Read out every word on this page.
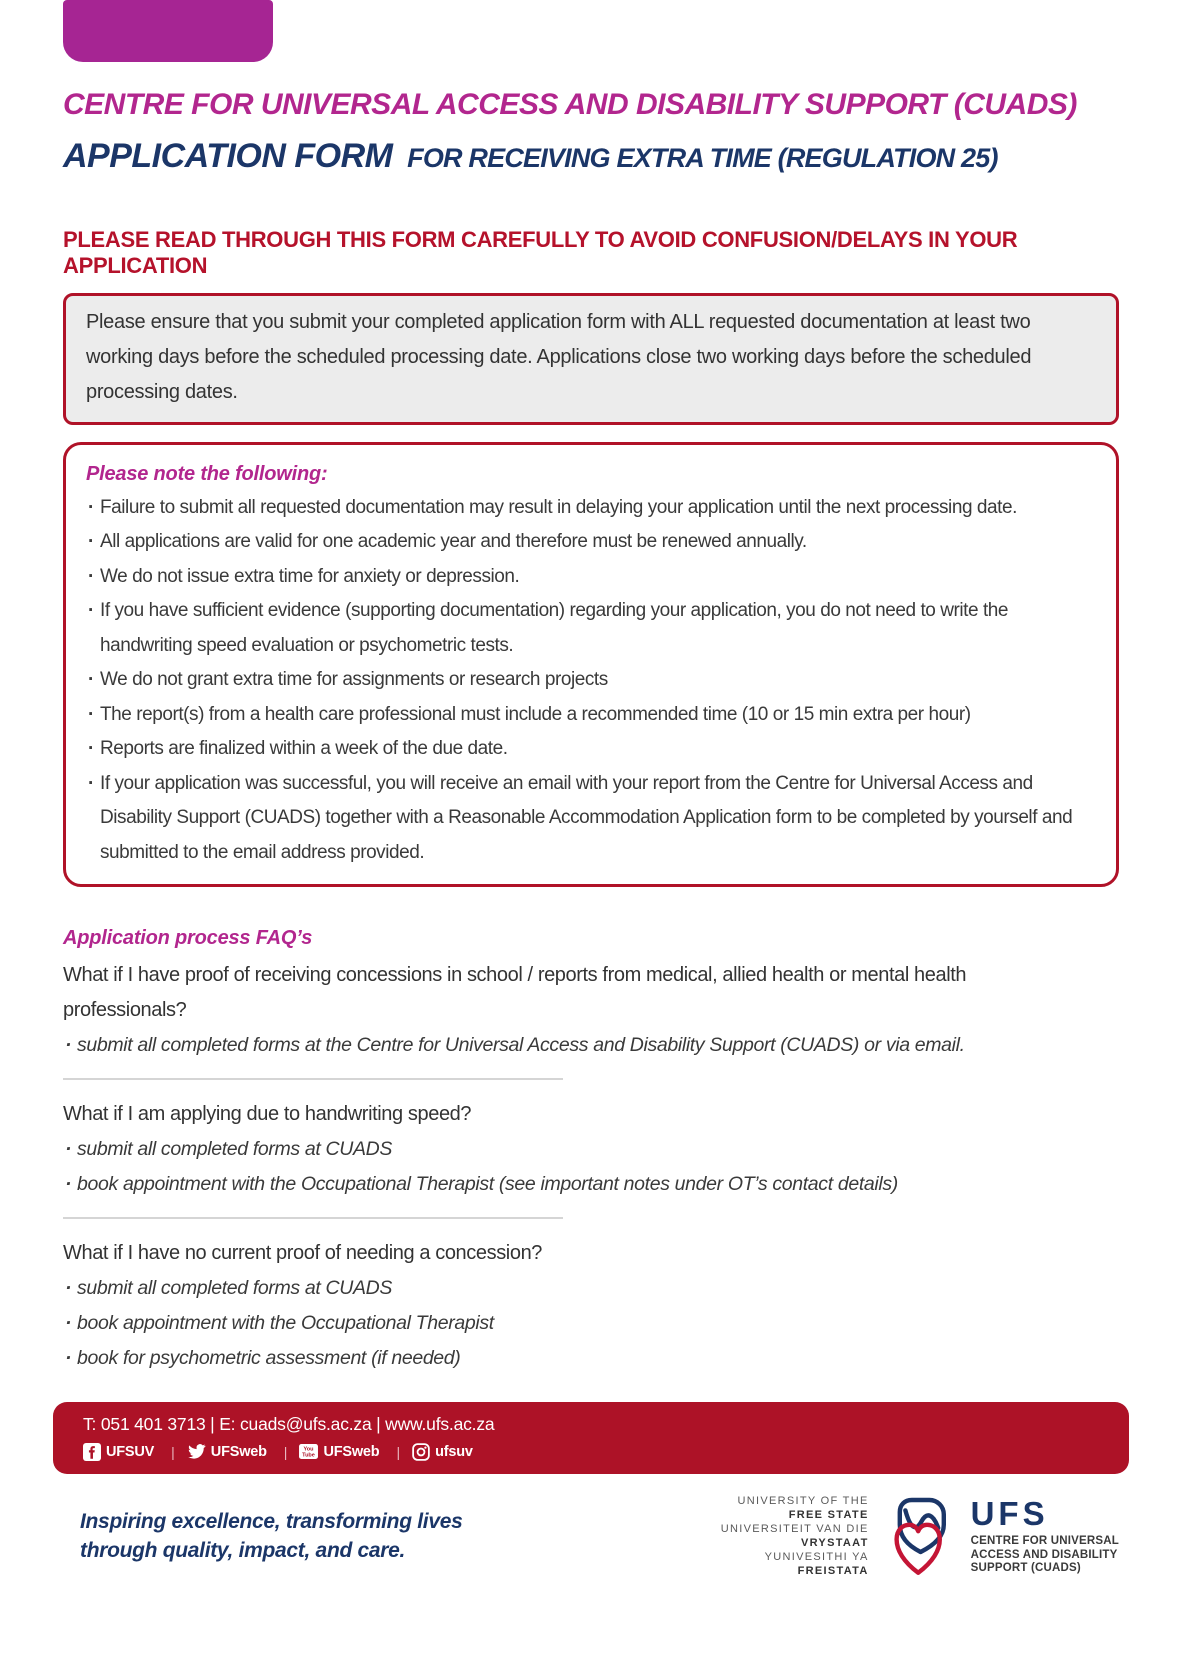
CENTRE FOR UNIVERSAL ACCESS AND DISABILITY SUPPORT (CUADS)
APPLICATION FORM FOR RECEIVING EXTRA TIME (REGULATION 25)
PLEASE READ THROUGH THIS FORM CAREFULLY TO AVOID CONFUSION/DELAYS IN YOUR APPLICATION

Please ensure that you submit your completed application form with ALL requested documentation at least two working days before the scheduled processing date. Applications close two working days before the scheduled processing dates.

Please note the following:
· Failure to submit all requested documentation may result in delaying your application until the next processing date.
· All applications are valid for one academic year and therefore must be renewed annually.
· We do not issue extra time for anxiety or depression.
· If you have sufficient evidence (supporting documentation) regarding your application, you do not need to write the handwriting speed evaluation or psychometric tests.
· We do not grant extra time for assignments or research projects
· The report(s) from a health care professional must include a recommended time (10 or 15 min extra per hour)
· Reports are finalized within a week of the due date.
· If your application was successful, you will receive an email with your report from the Centre for Universal Access and Disability Support (CUADS) together with a Reasonable Accommodation Application form to be completed by yourself and submitted to the email address provided.
Application process FAQ’s

What if I have proof of receiving concessions in school / reports from medical, allied health or mental health professionals?

· submit all completed forms at the Centre for Universal Access and Disability Support (CUADS) or via email.

What if I am applying due to handwriting speed?

· submit all completed forms at CUADS
· book appointment with the Occupational Therapist (see important notes under OT’s contact details)

What if I have no current proof of needing a concession?

· submit all completed forms at CUADS
· book appointment with the Occupational Therapist
· book for psychometric assessment (if needed)
T: 051 401 3713 | E: cuads@ufs.ac.za | www.ufs.ac.za
UFSUV
|	UFSweb
|	You
Tube UFSweb
|	ufsuv
Inspiring excellence, transforming lives
through quality, impact, and care.
UNIVERSITY OF THE
FREE STATE
UNIVERSITEIT VAN DIE
VRYSTAAT
YUNIVESITHI YA
FREISTATA
UFS
CENTRE FOR UNIVERSAL
ACCESS AND DISABILITY
SUPPORT (CUADS)
